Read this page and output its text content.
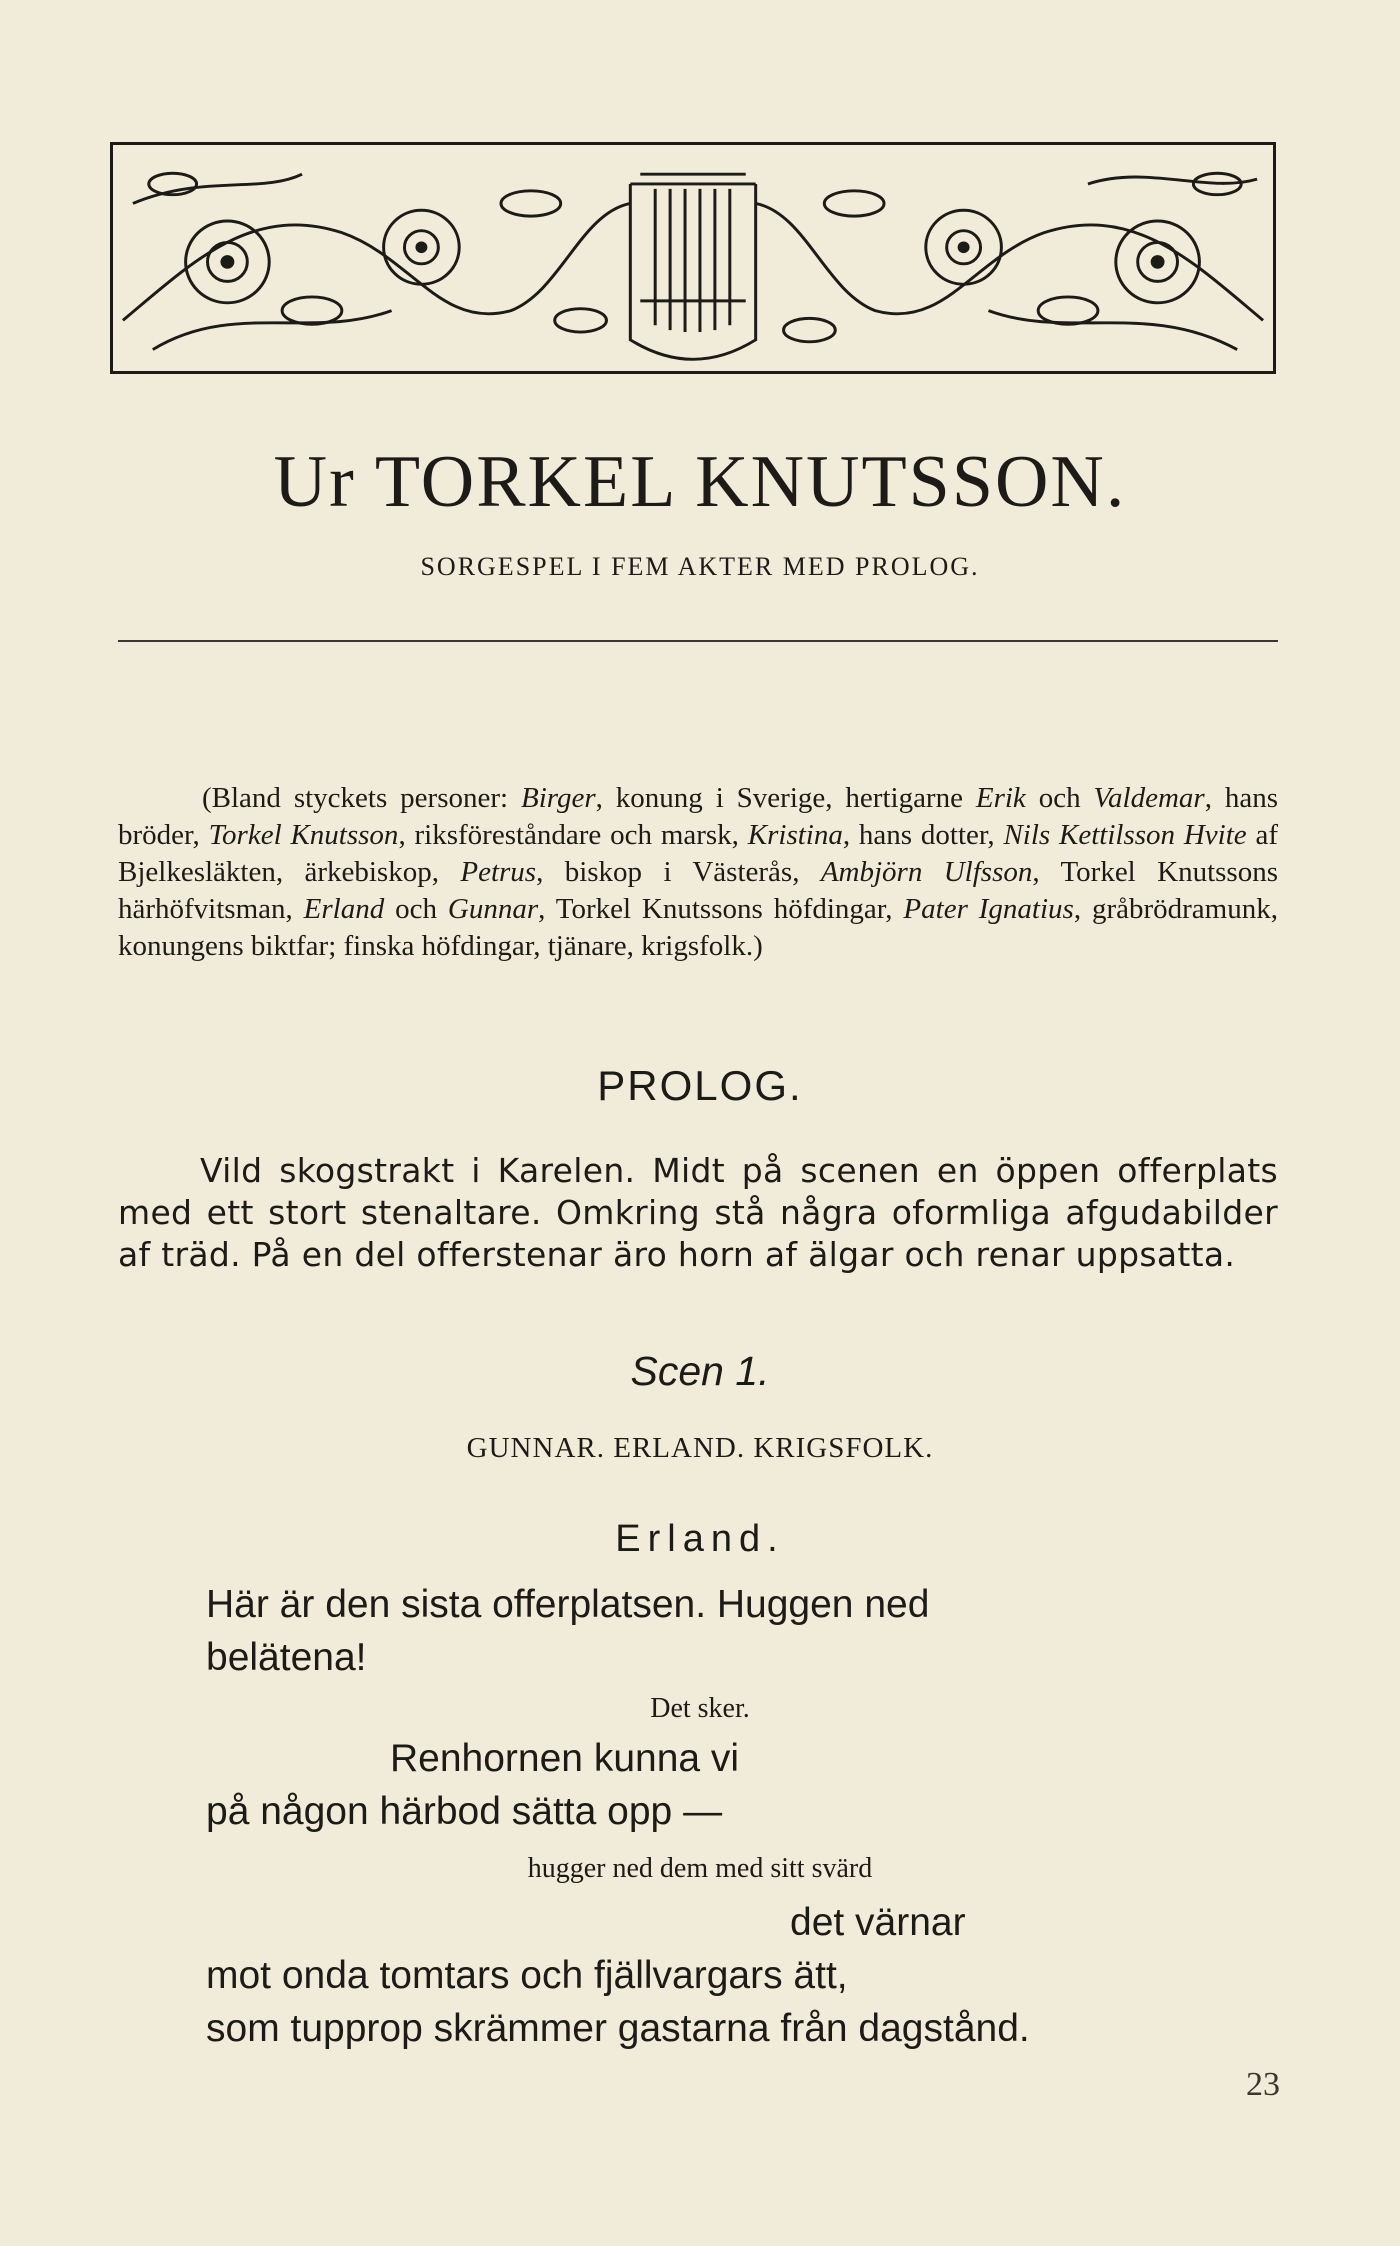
Ur TORKEL KNUTSSON.
SORGESPEL I FEM AKTER MED PROLOG.

(Bland styckets personer: Birger, konung i Sverige, hertigarne Erik och Valdemar, hans bröder, Torkel Knutsson, riksföreståndare och marsk, Kristina, hans dotter, Nils Kettilsson Hvite af Bjelkesläkten, ärkebiskop, Petrus, biskop i Västerås, Ambjörn Ulfsson, Torkel Knutssons härhöfvitsman, Erland och Gunnar, Torkel Knutssons höfdingar, Pater Ignatius, gråbrödramunk, konungens biktfar; finska höfdingar, tjänare, krigsfolk.)

PROLOG.

Vild skogstrakt i Karelen. Midt på scenen en öppen offerplats med ett stort stenaltare. Omkring stå några oformliga afgudabilder af träd. På en del offerstenar äro horn af älgar och renar uppsatta.

Scen 1.
GUNNAR. ERLAND. KRIGSFOLK.
Erland.
Här är den sista offerplatsen. Huggen ned
belätena!
Det sker.
Renhornen kunna vi
på någon härbod sätta opp —
hugger ned dem med sitt svärd
det värnar
mot onda tomtars och fjällvargars ätt,
som tupprop skrämmer gastarna från dagstånd.
23
